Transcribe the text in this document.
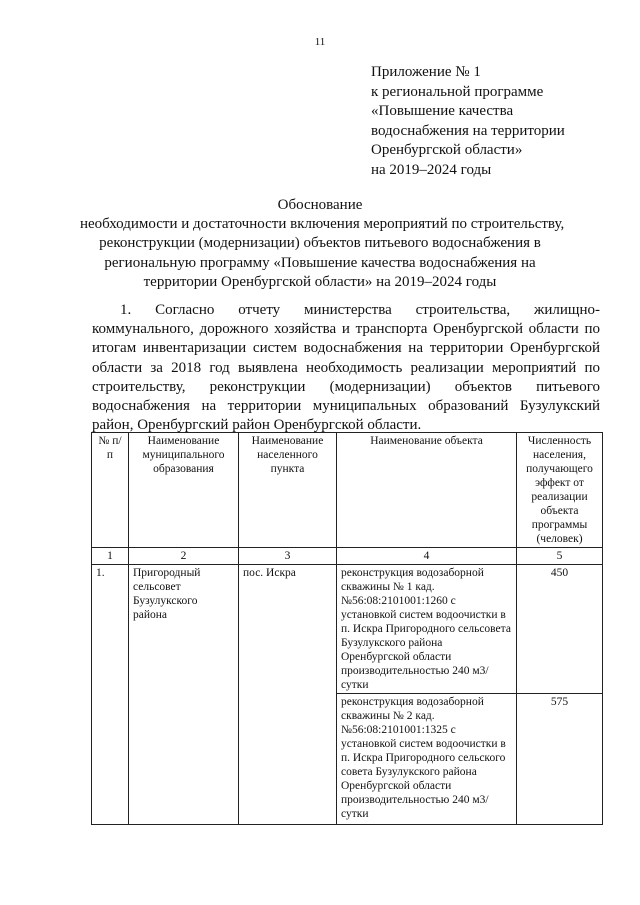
11
Приложение № 1
к региональной программе
«Повышение качества
водоснабжения на территории
Оренбургской области»
на 2019–2024 годы
Обоснование
необходимости и достаточности включения мероприятий по строительству,
реконструкции (модернизации) объектов питьевого водоснабжения в
региональную программу «Повышение качества водоснабжения на
территории Оренбургской области» на 2019–2024 годы

1. Согласно отчету министерства строительства, жилищно-коммунального, дорожного хозяйства и транспорта Оренбургской области по итогам инвентаризации систем водоснабжения на территории Оренбургской области за 2018 год выявлена необходимость реализации мероприятий по строительству, реконструкции (модернизации) объектов питьевого водоснабжения на территории муниципальных образований Бузулукский район, Оренбургский район Оренбургской области.

№ п/п	Наименование муниципального образования	Наименование населенного пункта	Наименование объекта	Численность населения, получающего эффект от реализации объекта программы (человек)
1	2	3	4	5
1.	Пригородный сельсовет Бузулукского района	пос. Искра	реконструкция водозаборной скважины № 1 кад.№56:08:2101001:1260 с установкой систем водоочистки в п. Искра Пригородного сельсовета Бузулукского района Оренбургской области производительностью 240 м3/сутки	450
			реконструкция водозаборной скважины № 2 кад.№56:08:2101001:1325 с установкой систем водоочистки в п. Искра Пригородного сельского совета Бузулукского района Оренбургской области производительностью 240 м3/сутки	575
